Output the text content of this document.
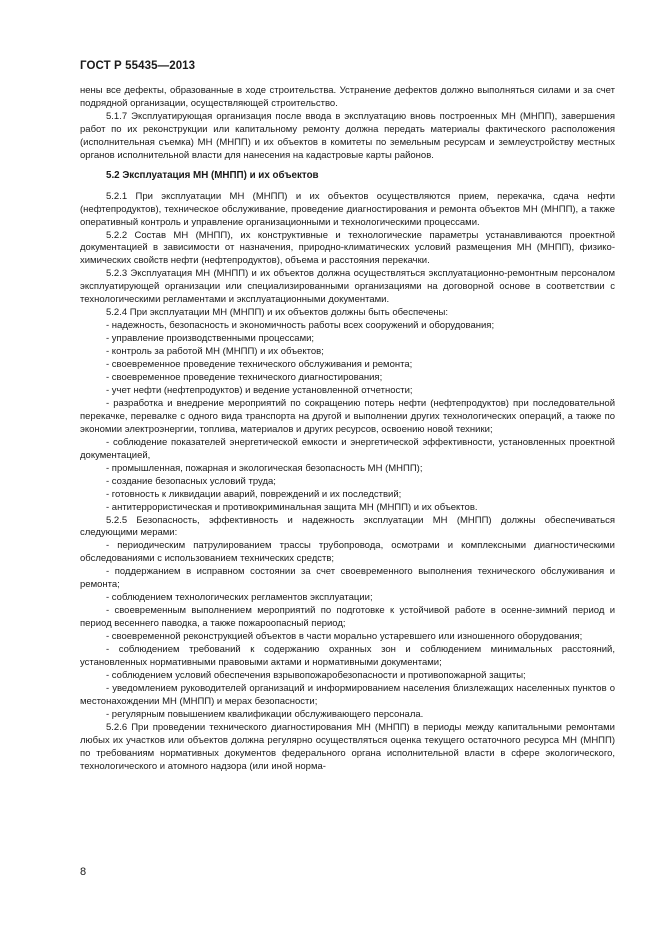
ГОСТ Р 55435—2013

нены все дефекты, образованные в ходе строительства. Устранение дефектов должно выполняться силами и за счет подрядной организации, осуществляющей строительство.

5.1.7 Эксплуатирующая организация после ввода в эксплуатацию вновь построенных МН (МНПП), завершения работ по их реконструкции или капитальному ремонту должна передать материалы фактического расположения (исполнительная съемка) МН (МНПП) и их объектов в комитеты по земельным ресурсам и землеустройству местных органов исполнительной власти для нанесения на кадастровые карты районов.

5.2 Эксплуатация МН (МНПП) и их объектов

5.2.1 При эксплуатации МН (МНПП) и их объектов осуществляются прием, перекачка, сдача нефти (нефтепродуктов), техническое обслуживание, проведение диагностирования и ремонта объектов МН (МНПП), а также оперативный контроль и управление организационными и технологическими процессами.

5.2.2 Состав МН (МНПП), их конструктивные и технологические параметры устанавливаются проектной документацией в зависимости от назначения, природно-климатических условий размещения МН (МНПП), физико-химических свойств нефти (нефтепродуктов), объема и расстояния перекачки.

5.2.3 Эксплуатация МН (МНПП) и их объектов должна осуществляться эксплуатационно-ремонтным персоналом эксплуатирующей организации или специализированными организациями на договорной основе в соответствии с технологическими регламентами и эксплуатационными документами.

5.2.4 При эксплуатации МН (МНПП) и их объектов должны быть обеспечены:

- надежность, безопасность и экономичность работы всех сооружений и оборудования;

- управление производственными процессами;

- контроль за работой МН (МНПП) и их объектов;

- своевременное проведение технического обслуживания и ремонта;

- своевременное проведение технического диагностирования;

- учет нефти (нефтепродуктов) и ведение установленной отчетности;

- разработка и внедрение мероприятий по сокращению потерь нефти (нефтепродуктов) при последовательной перекачке, перевалке с одного вида транспорта на другой и выполнении других технологических операций, а также по экономии электроэнергии, топлива, материалов и других ресурсов, освоению новой техники;

- соблюдение показателей энергетической емкости и энергетической эффективности, установленных проектной документацией,

- промышленная, пожарная и экологическая безопасность МН (МНПП);

- создание безопасных условий труда;

- готовность к ликвидации аварий, повреждений и их последствий;

- антитеррористическая и противокриминальная защита МН (МНПП) и их объектов.

5.2.5 Безопасность, эффективность и надежность эксплуатации МН (МНПП) должны обеспечиваться следующими мерами:

- периодическим патрулированием трассы трубопровода, осмотрами и комплексными диагностическими обследованиями с использованием технических средств;

- поддержанием в исправном состоянии за счет своевременного выполнения технического обслуживания и ремонта;

- соблюдением технологических регламентов эксплуатации;

- своевременным выполнением мероприятий по подготовке к устойчивой работе в осенне-зимний период и период весеннего паводка, а также пожароопасный период;

- своевременной реконструкцией объектов в части морально устаревшего или изношенного оборудования;

- соблюдением требований к содержанию охранных зон и соблюдением минимальных расстояний, установленных нормативными правовыми актами и нормативными документами;

- соблюдением условий обеспечения взрывопожаробезопасности и противопожарной защиты;

- уведомлением руководителей организаций и информированием населения близлежащих населенных пунктов о местонахождении МН (МНПП) и мерах безопасности;

- регулярным повышением квалификации обслуживающего персонала.

5.2.6 При проведении технического диагностирования МН (МНПП) в периоды между капитальными ремонтами любых их участков или объектов должна регулярно осуществляться оценка текущего остаточного ресурса МН (МНПП) по требованиям нормативных документов федерального органа исполнительной власти в сфере экологического, технологического и атомного надзора (или иной норма-

8
